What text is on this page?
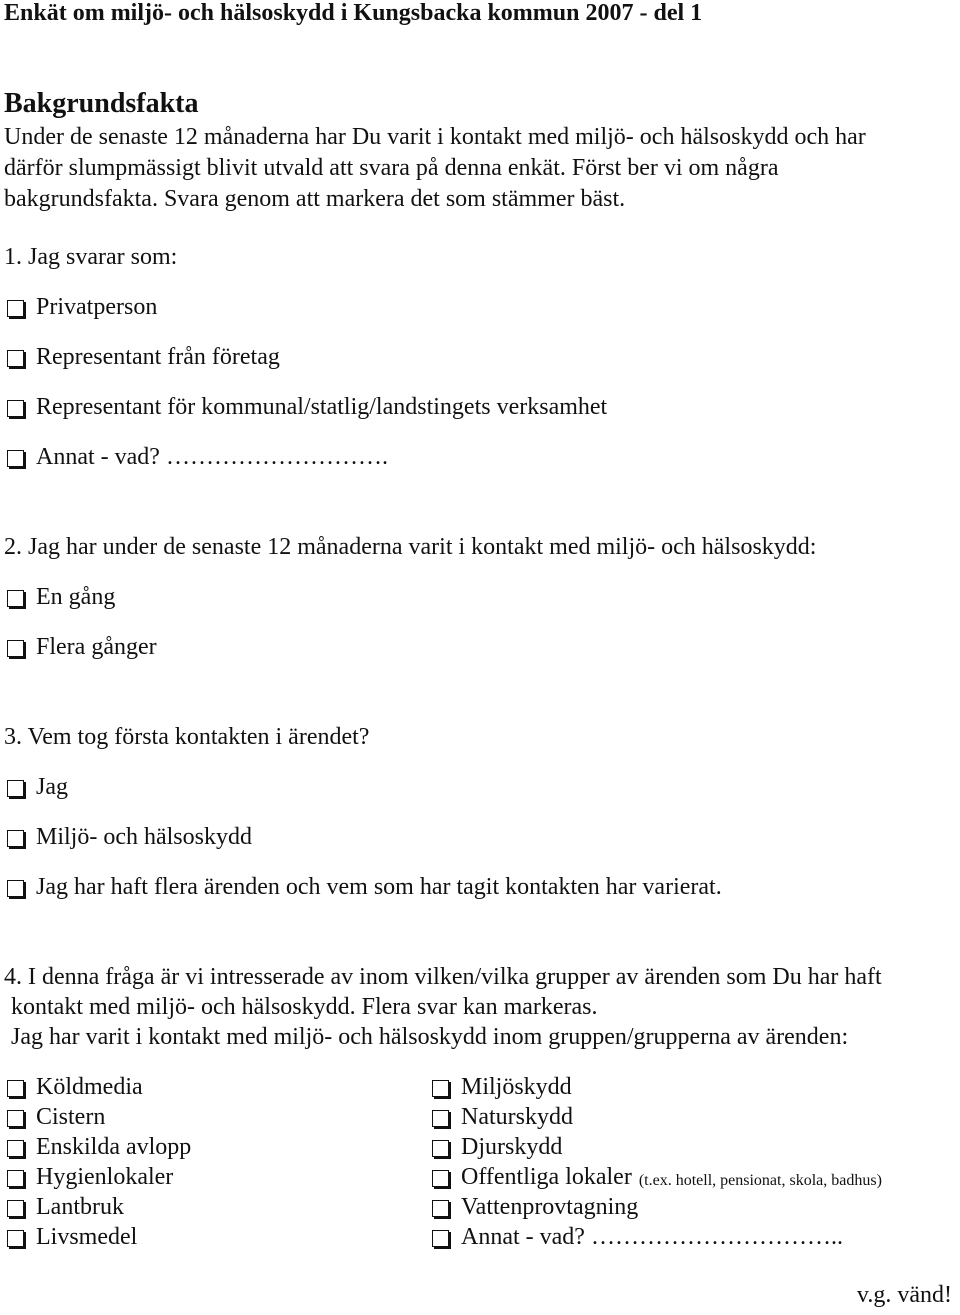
Enkät om miljö- och hälsoskydd i Kungsbacka kommun 2007 - del 1
Bakgrundsfakta
Under de senaste 12 månaderna har Du varit i kontakt med miljö- och hälsoskydd och har
därför slumpmässigt blivit utvald att svara på denna enkät. Först ber vi om några
bakgrundsfakta. Svara genom att markera det som stämmer bäst.
1. Jag svarar som:
Privatperson
Representant från företag
Representant för kommunal/statlig/landstingets verksamhet
Annat - vad? ……………………….
2. Jag har under de senaste 12 månaderna varit i kontakt med miljö- och hälsoskydd:
En gång
Flera gånger
3. Vem tog första kontakten i ärendet?
Jag
Miljö- och hälsoskydd
Jag har haft flera ärenden och vem som har tagit kontakten har varierat.
4. I denna fråga är vi intresserade av inom vilken/vilka grupper av ärenden som Du har haft
kontakt med miljö- och hälsoskydd. Flera svar kan markeras.
Jag har varit i kontakt med miljö- och hälsoskydd inom gruppen/grupperna av ärenden:
Köldmedia
Cistern
Enskilda avlopp
Hygienlokaler
Lantbruk
Livsmedel
Miljöskydd
Naturskydd
Djurskydd
Offentliga lokaler (t.ex. hotell, pensionat, skola, badhus)
Vattenprovtagning
Annat - vad? …………………………..
v.g. vänd!
